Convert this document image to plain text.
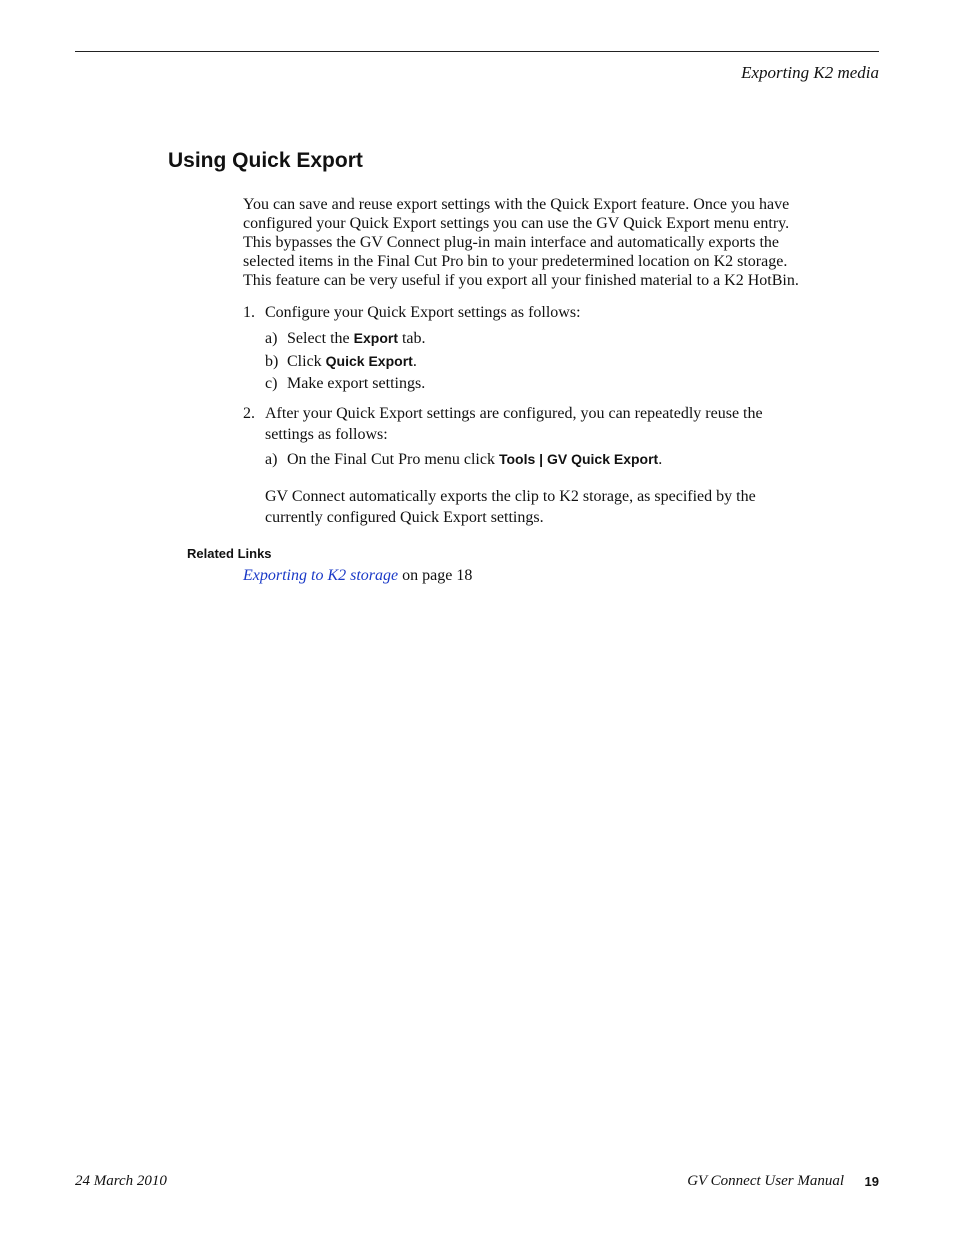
Exporting K2 media
Using Quick Export
You can save and reuse export settings with the Quick Export feature. Once you have
configured your Quick Export settings you can use the GV Quick Export menu entry.
This bypasses the GV Connect plug-in main interface and automatically exports the
selected items in the Final Cut Pro bin to your predetermined location on K2 storage.
This feature can be very useful if you export all your finished material to a K2 HotBin.
1. Configure your Quick Export settings as follows:
a) Select the Export tab.
b) Click Quick Export.
c) Make export settings.
2. After your Quick Export settings are configured, you can repeatedly reuse the
settings as follows:
a) On the Final Cut Pro menu click Tools | GV Quick Export.
GV Connect automatically exports the clip to K2 storage, as specified by the
currently configured Quick Export settings.
Related Links
Exporting to K2 storage on page 18
24 March 2010	GV Connect User Manual 19
